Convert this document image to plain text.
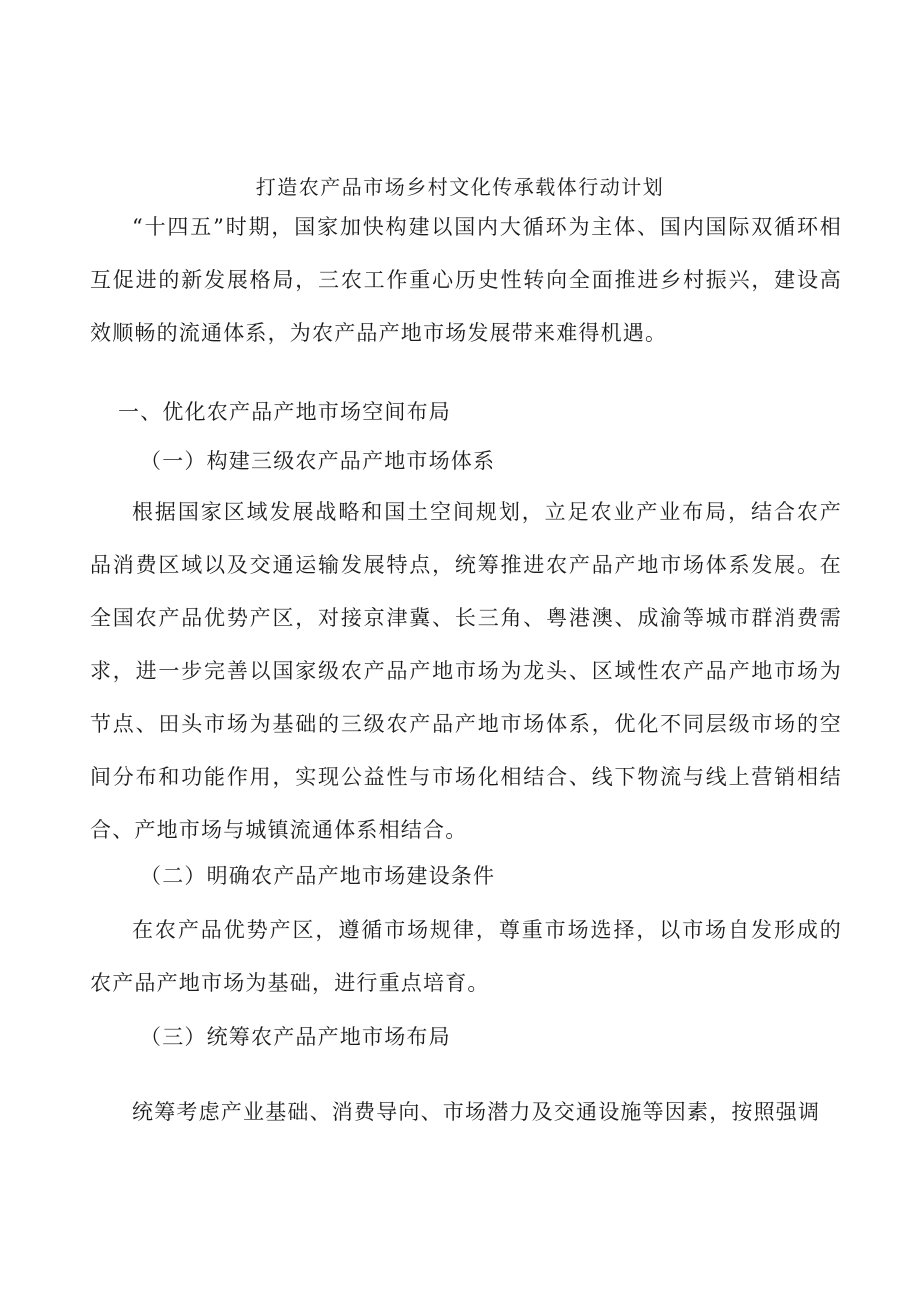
打造农产品市场乡村文化传承载体行动计划

“十四五”时期，国家加快构建以国内大循环为主体、国内国际双循环相互促进的新发展格局，三农工作重心历史性转向全面推进乡村振兴，建设高效顺畅的流通体系，为农产品产地市场发展带来难得机遇。

一、优化农产品产地市场空间布局
（一）构建三级农产品产地市场体系

根据国家区域发展战略和国土空间规划，立足农业产业布局，结合农产品消费区域以及交通运输发展特点，统筹推进农产品产地市场体系发展。在全国农产品优势产区，对接京津冀、长三角、粤港澳、成渝等城市群消费需求，进一步完善以国家级农产品产地市场为龙头、区域性农产品产地市场为节点、田头市场为基础的三级农产品产地市场体系，优化不同层级市场的空间分布和功能作用，实现公益性与市场化相结合、线下物流与线上营销相结合、产地市场与城镇流通体系相结合。

（二）明确农产品产地市场建设条件

在农产品优势产区，遵循市场规律，尊重市场选择，以市场自发形成的农产品产地市场为基础，进行重点培育。

（三）统筹农产品产地市场布局

统筹考虑产业基础、消费导向、市场潜力及交通设施等因素，按照强调
